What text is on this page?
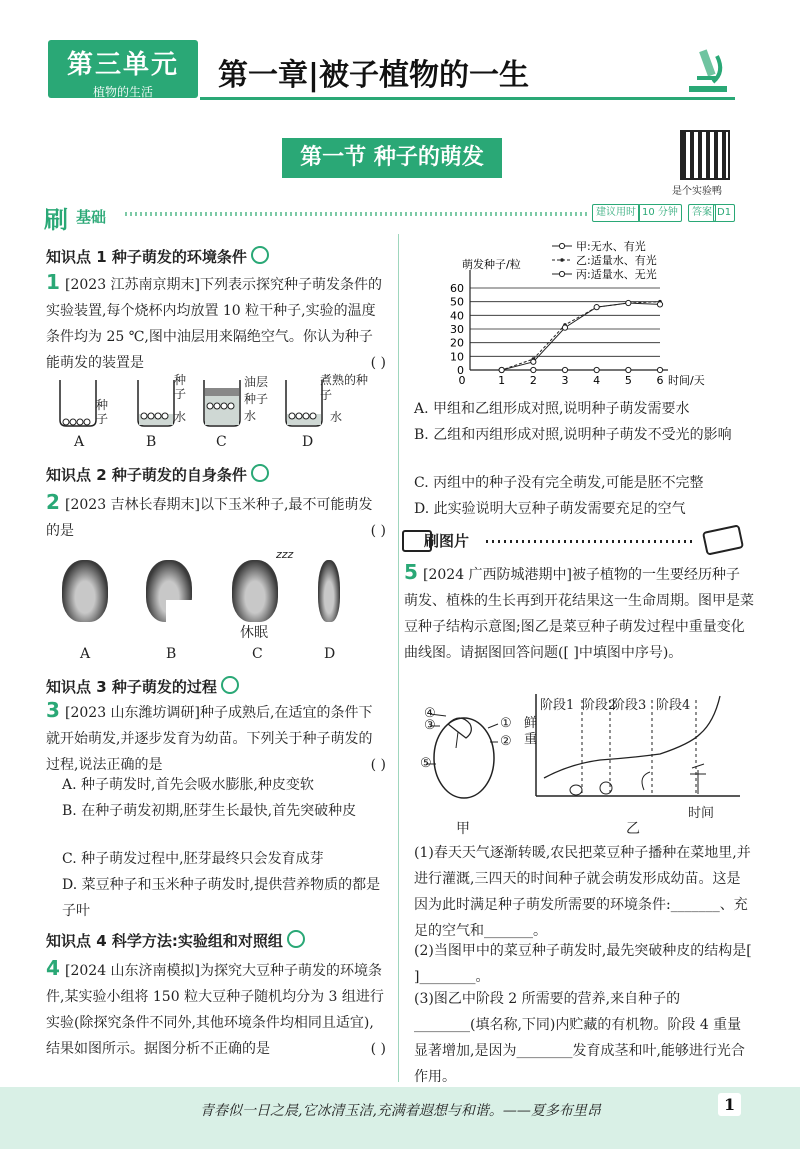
第三单元
植物的生活	第一章|被子植物的一生
第一节 种子的萌发
是个实验鸭
刷 基础	建议用时 10 分钟	答案 D1
知识点 1 种子萌发的环境条件
1 [2023 江苏南京期末]下列表示探究种子萌发条件的实验装置,每个烧杯内均放置 10 粒干种子,实验的温度条件均为 25 ℃,图中油层用来隔绝空气。你认为种子能萌发的装置是	( )
种子
种子
水
油层
种子
水
煮熟的种子
水
A	B	C	D
知识点 2 种子萌发的自身条件
2 [2023 吉林长春期末]以下玉米种子,最不可能萌发的是	( )
zzz
休眠
A	B	C	D
知识点 3 种子萌发的过程
3 [2023 山东潍坊调研]种子成熟后,在适宜的条件下就开始萌发,并逐步发育为幼苗。下列关于种子萌发的过程,说法正确的是	( )
A. 种子萌发时,首先会吸水膨胀,种皮变软
B. 在种子萌发初期,胚芽生长最快,首先突破种皮
C. 种子萌发过程中,胚芽最终只会发育成芽
D. 菜豆种子和玉米种子萌发时,提供营养物质的都是子叶
知识点 4 科学方法:实验组和对照组
4 [2024 山东济南模拟]为探究大豆种子萌发的环境条件,某实验小组将 150 粒大豆种子随机均分为 3 组进行实验(除探究条件不同外,其他环境条件均相同且适宜),结果如图所示。据图分析不正确的是	( )
0
10
20
30
40
50
60
0	1 2 3 4 5 6
萌发种子/粒
时间/天
甲:无水、有光
乙:适量水、有光
丙:适量水、无光
A. 甲组和乙组形成对照,说明种子萌发需要水
B. 乙组和丙组形成对照,说明种子萌发不受光的影响
C. 丙组中的种子没有完全萌发,可能是胚不完整
D. 此实验说明大豆种子萌发需要充足的空气
刷图片
5 [2024 广西防城港期中]被子植物的一生要经历种子萌发、植株的生长再到开花结果这一生命周期。图甲是菜豆种子结构示意图;图乙是菜豆种子萌发过程中重量变化曲线图。请据图回答问题([ ]中填图中序号)。
④
③
⑤
①
②
甲
阶段1 阶段2
阶段3 阶段4
鲜重
时间
乙
(1)春天天气逐渐转暖,农民把菜豆种子播种在菜地里,并进行灌溉,三四天的时间种子就会萌发形成幼苗。这是因为此时满足种子萌发所需要的环境条件:_______、充足的空气和_______。
(2)当图甲中的菜豆种子萌发时,最先突破种皮的结构是[ ]________。
(3)图乙中阶段 2 所需要的营养,来自种子的________(填名称,下同)内贮藏的有机物。阶段 4 重量显著增加,是因为________发育成茎和叶,能够进行光合作用。
青春似一日之晨,它冰清玉洁,充满着遐想与和谐。——夏多布里昂	1
